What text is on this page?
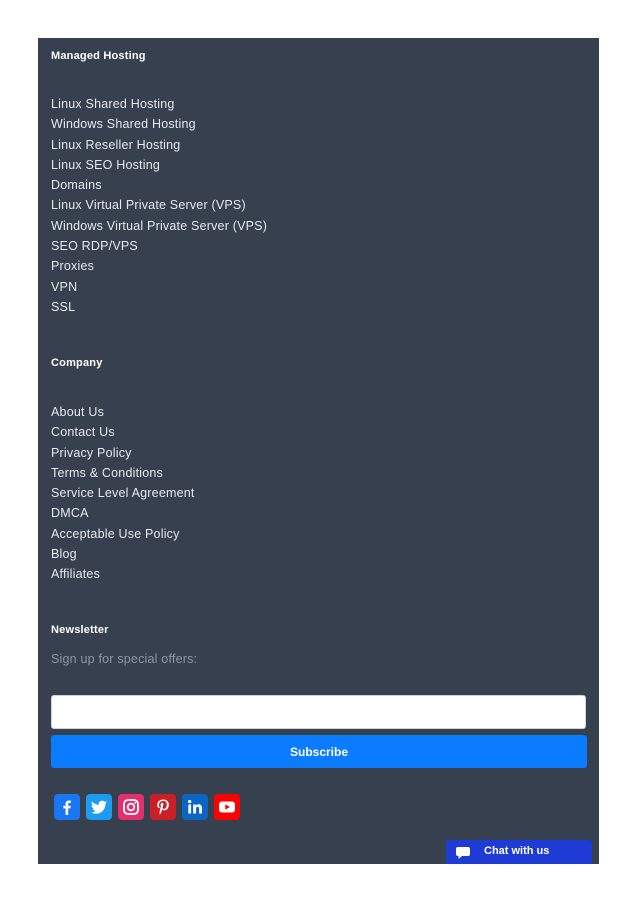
Managed Hosting
Linux Shared Hosting
Windows Shared Hosting
Linux Reseller Hosting
Linux SEO Hosting
Domains
Linux Virtual Private Server (VPS)
Windows Virtual Private Server (VPS)
SEO RDP/VPS
Proxies
VPN
SSL
Company
About Us
Contact Us
Privacy Policy
Terms & Conditions
Service Level Agreement
DMCA
Acceptable Use Policy
Blog
Affiliates
Newsletter
Sign up for special offers:
Subscribe
Chat with us
